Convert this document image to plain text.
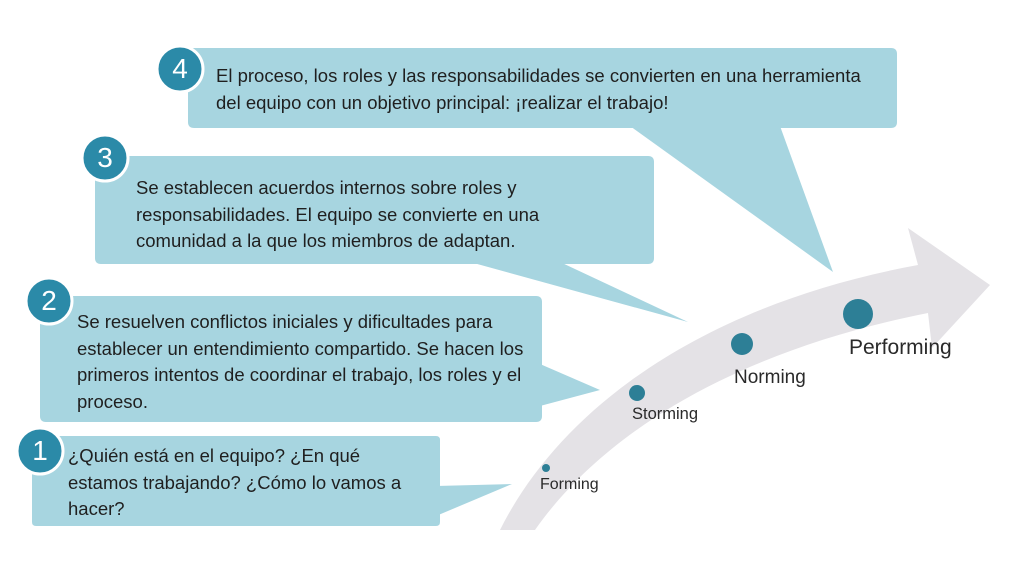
1
2
3
4

¿Quién está en el equipo? ¿En qué estamos trabajando? ¿Cómo lo vamos a hacer?

Se resuelven conflictos iniciales y dificultades para establecer un entendimiento compartido. Se hacen los primeros intentos de coordinar el trabajo, los roles y el proceso.

Se establecen acuerdos internos sobre roles y responsabilidades. El equipo se convierte en una comunidad a la que los miembros de adaptan.

El proceso, los roles y las responsabilidades se convierten en una herramienta del equipo con un objetivo principal: ¡realizar el trabajo!

Forming
Storming
Norming
Performing
